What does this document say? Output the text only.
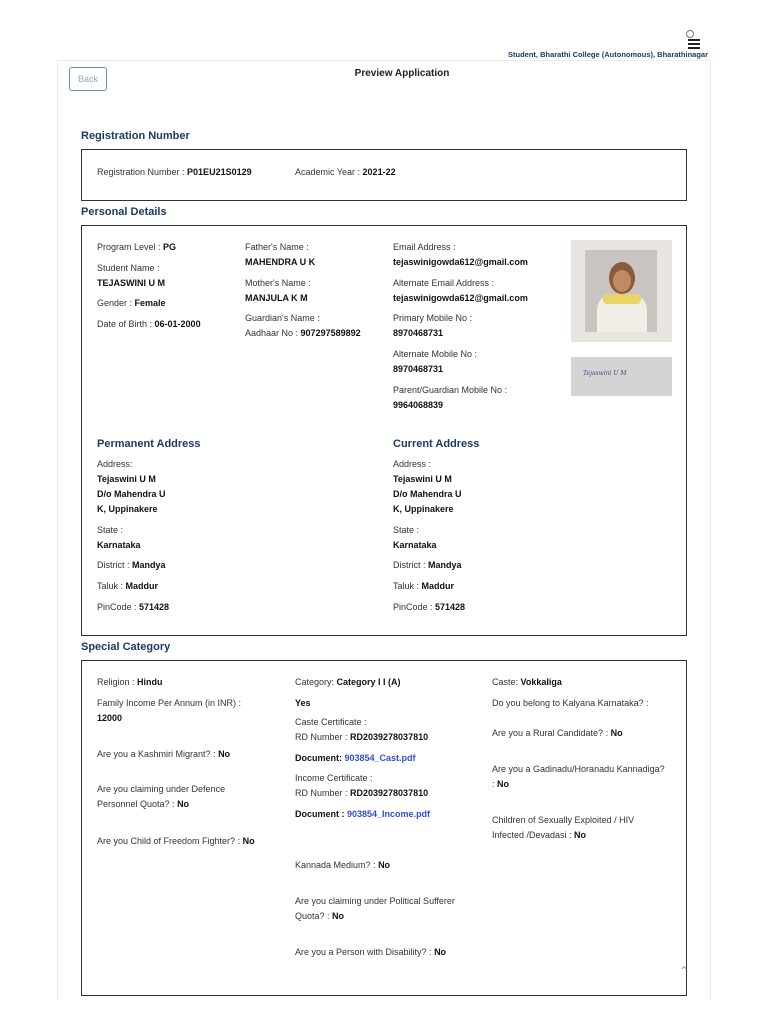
Student, Bharathi College (Autonomous), Bharathinagar
Back	Preview Application
Registration Number
Registration Number : P01EU21S0129	Academic Year : 2021-22
Personal Details
Program Level : PG
Student Name :
TEJASWINI U M
Gender : Female
Date of Birth : 06-01-2000
Father's Name :
MAHENDRA U K
Mother's Name :
MANJULA K M
Guardian's Name :
Aadhaar No : 907297589892
Email Address :
tejaswinigowda612@gmail.com
Alternate Email Address :
tejaswinigowda612@gmail.com
Primary Mobile No :
8970468731
Alternate Mobile No :
8970468731
Parent/Guardian Mobile No :
9964068839
Tejaswini U M
Permanent Address
Address:
Tejaswini U M
D/o Mahendra U
K, Uppinakere
State :
Karnataka
District : Mandya
Taluk : Maddur
PinCode : 571428
Current Address
Address :
Tejaswini U M
D/o Mahendra U
K, Uppinakere
State :
Karnataka
District : Mandya
Taluk : Maddur
PinCode : 571428
Special Category
Religion : Hindu
Family Income Per Annum (in INR) :
12000
Are you a Kashmiri Migrant? : No
Are you claiming under Defence
Personnel Quota? : No
Are you Child of Freedom Fighter? : No
Category: Category I I (A)
Yes
Caste Certificate :
RD Number : RD2039278037810
Document: 903854_Cast.pdf
Income Certificate :
RD Number : RD2039278037810
Document : 903854_Income.pdf
Kannada Medium? : No
Are you claiming under Political Sufferer
Quota? : No
Are you a Person with Disability? : No
Caste: Vokkaliga
Do you belong to Kalyana Karnataka? :
Are you a Rural Candidate? : No
Are you a Gadinadu/Horanadu Kannadiga?
: No
Children of Sexually Exploited / HIV
Infected /Devadasi : No
⌃
